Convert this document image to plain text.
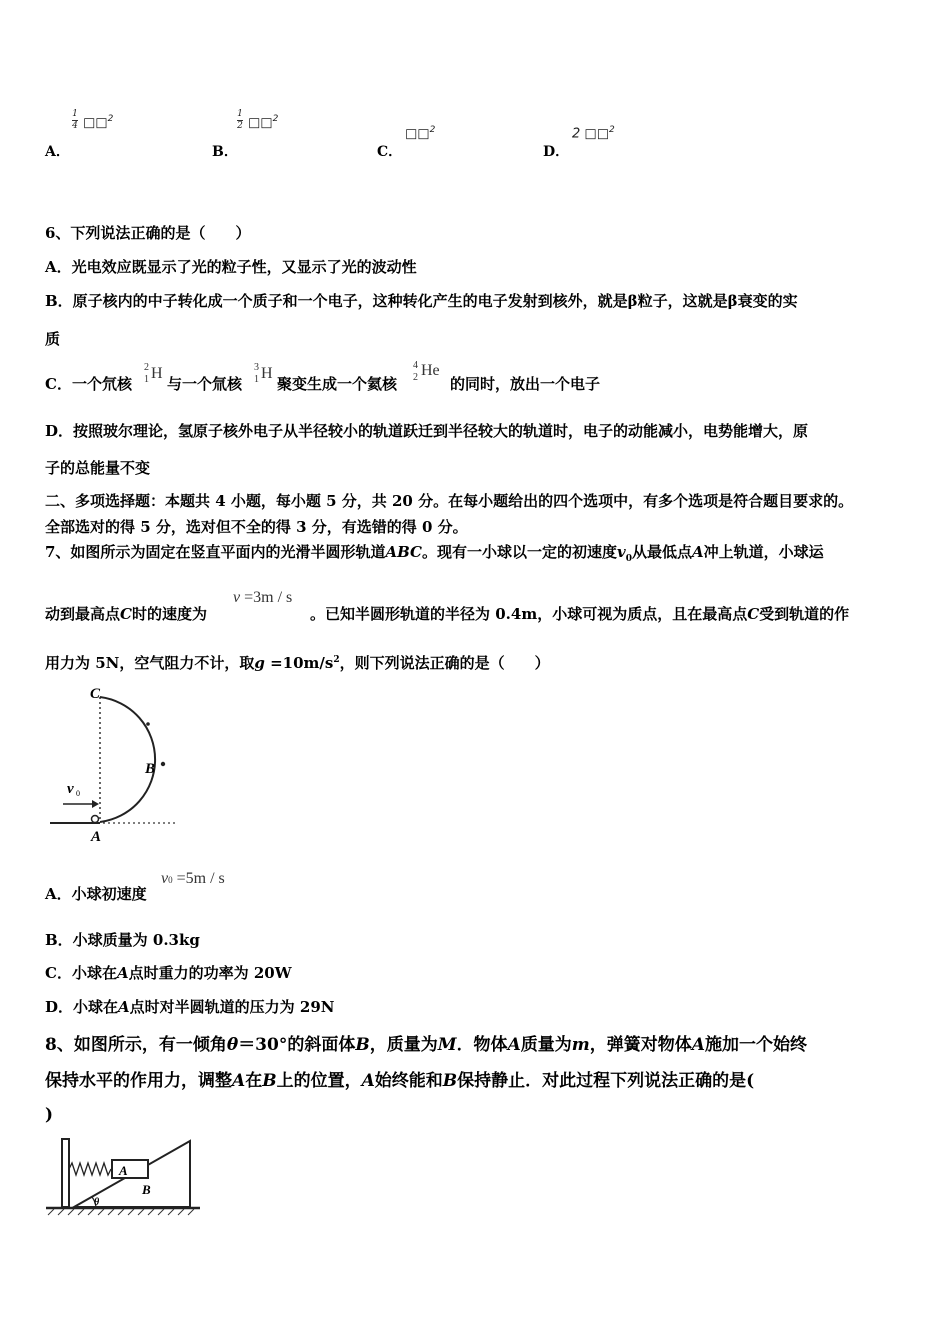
A．
1
4 □□$^2$
B．
1
2 □□$^2$
C．
□□$^2$
D．
2 □□$^2$
6、下列说法正确的是（　　）
A．光电效应既显示了光的粒子性，又显示了光的波动性
B．原子核内的中子转化成一个质子和一个电子，这种转化产生的电子发射到核外，就是β粒子，这就是β衰变的实
质
C．一个氘核
2
1 H
与一个氚核
3
1 H
聚变生成一个氦核
4
2 He
的同时，放出一个电子
D．按照玻尔理论，氢原子核外电子从半径较小的轨道跃迁到半径较大的轨道时，电子的动能减小，电势能增大，原
子的总能量不变
二、多项选择题：本题共 4 小题，每小题 5 分，共 20 分。在每小题给出的四个选项中，有多个选项是符合题目要求的。
全部选对的得 5 分，选对但不全的得 3 分，有选错的得 0 分。
7、如图所示为固定在竖直平面内的光滑半圆形轨道ABC。现有一小球以一定的初速度$v_0$从最低点A冲上轨道，小球运
动到最高点C时的速度为
v =3m / s
。已知半圆形轨道的半径为 0.4m，小球可视为质点，且在最高点C受到轨道的作
用力为 5N，空气阻力不计，取$g =10m/s^2$，则下列说法正确的是（　　）
C
B
A
v 0
A．小球初速度
v0 =5m / s
B．小球质量为 0.3kg
C．小球在A点时重力的功率为 20W
D．小球在A点时对半圆轨道的压力为 29N
8、如图所示，有一倾角θ＝30°的斜面体B，质量为M．物体A质量为m，弹簧对物体A施加一个始终
保持水平的作用力，调整A在B上的位置，A始终能和B保持静止．对此过程下列说法正确的是(
)
A
B
θ
